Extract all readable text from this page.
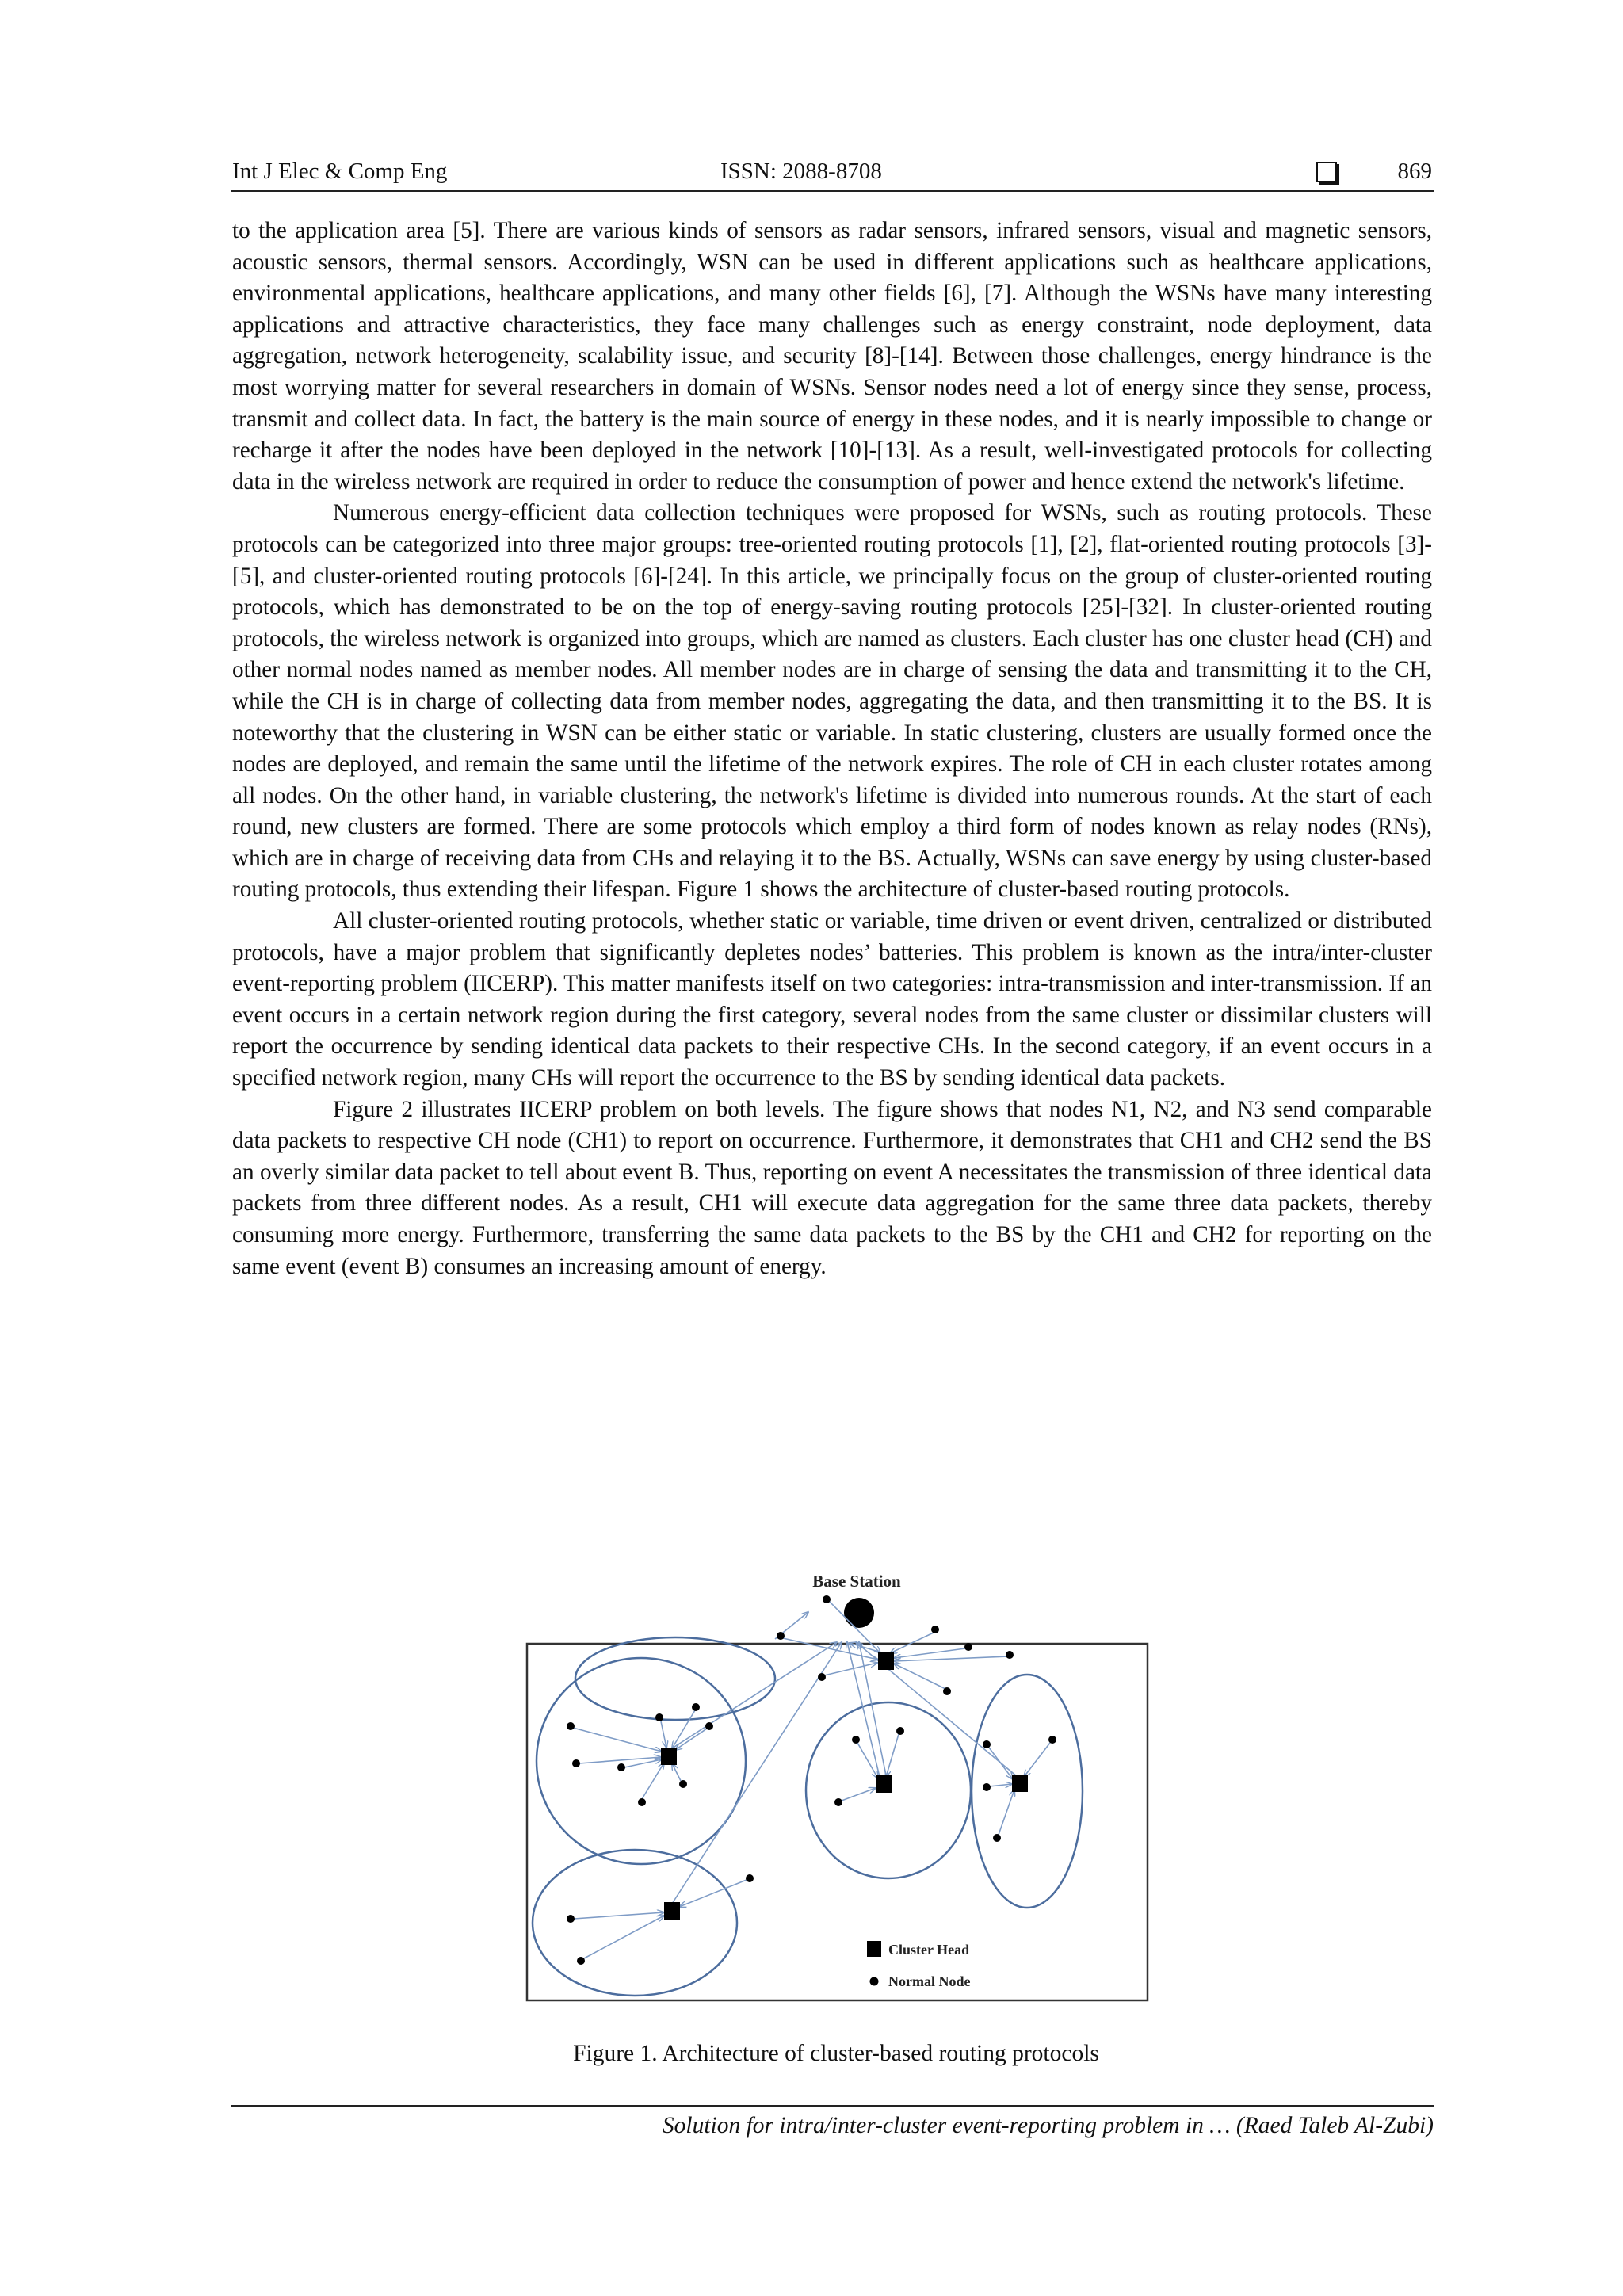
Int J Elec & Comp Eng	ISSN: 2088-8708	869

to the application area [5]. There are various kinds of sensors as radar sensors, infrared sensors, visual and magnetic sensors, acoustic sensors, thermal sensors. Accordingly, WSN can be used in different applications such as healthcare applications, environmental applications, healthcare applications, and many other fields [6], [7]. Although the WSNs have many interesting applications and attractive characteristics, they face many challenges such as energy constraint, node deployment, data aggregation, network heterogeneity, scalability issue, and security [8]-[14]. Between those challenges, energy hindrance is the most worrying matter for several researchers in domain of WSNs. Sensor nodes need a lot of energy since they sense, process, transmit and collect data. In fact, the battery is the main source of energy in these nodes, and it is nearly impossible to change or recharge it after the nodes have been deployed in the network [10]-[13]. As a result, well-investigated protocols for collecting data in the wireless network are required in order to reduce the consumption of power and hence extend the network's lifetime.

Numerous energy-efficient data collection techniques were proposed for WSNs, such as routing protocols. These protocols can be categorized into three major groups: tree-oriented routing protocols [1], [2], flat-oriented routing protocols [3]-[5], and cluster-oriented routing protocols [6]-[24]. In this article, we principally focus on the group of cluster-oriented routing protocols, which has demonstrated to be on the top of energy-saving routing protocols [25]-[32]. In cluster-oriented routing protocols, the wireless network is organized into groups, which are named as clusters. Each cluster has one cluster head (CH) and other normal nodes named as member nodes. All member nodes are in charge of sensing the data and transmitting it to the CH, while the CH is in charge of collecting data from member nodes, aggregating the data, and then transmitting it to the BS. It is noteworthy that the clustering in WSN can be either static or variable. In static clustering, clusters are usually formed once the nodes are deployed, and remain the same until the lifetime of the network expires. The role of CH in each cluster rotates among all nodes. On the other hand, in variable clustering, the network's lifetime is divided into numerous rounds. At the start of each round, new clusters are formed. There are some protocols which employ a third form of nodes known as relay nodes (RNs), which are in charge of receiving data from CHs and relaying it to the BS. Actually, WSNs can save energy by using cluster-based routing protocols, thus extending their lifespan. Figure 1 shows the architecture of cluster-based routing protocols.

All cluster-oriented routing protocols, whether static or variable, time driven or event driven, centralized or distributed protocols, have a major problem that significantly depletes nodes’ batteries. This problem is known as the intra/inter-cluster event-reporting problem (IICERP). This matter manifests itself on two categories: intra-transmission and inter-transmission. If an event occurs in a certain network region during the first category, several nodes from the same cluster or dissimilar clusters will report the occurrence by sending identical data packets to their respective CHs. In the second category, if an event occurs in a specified network region, many CHs will report the occurrence to the BS by sending identical data packets.

Figure 2 illustrates IICERP problem on both levels. The figure shows that nodes N1, N2, and N3 send comparable data packets to respective CH node (CH1) to report on occurrence. Furthermore, it demonstrates that CH1 and CH2 send the BS an overly similar data packet to tell about event B. Thus, reporting on event A necessitates the transmission of three identical data packets from three different nodes. As a result, CH1 will execute data aggregation for the same three data packets, thereby consuming more energy. Furthermore, transferring the same data packets to the BS by the CH1 and CH2 for reporting on the same event (event B) consumes an increasing amount of energy.

Base Station
Cluster Head
Normal Node
Figure 1. Architecture of cluster-based routing protocols
Solution for intra/inter-cluster event-reporting problem in … (Raed Taleb Al-Zubi)
